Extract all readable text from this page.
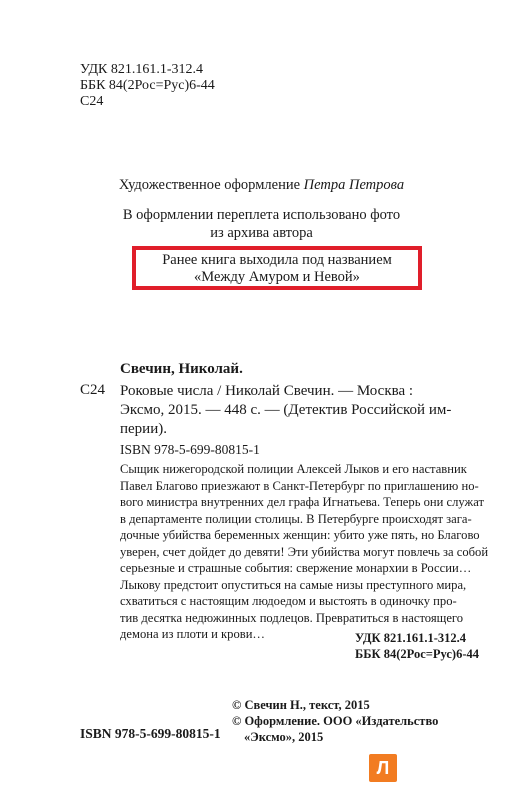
УДК 821.161.1-312.4
ББК 84(2Рос=Рус)6-44
С24
Художественное оформление Петра Петрова
В оформлении переплета использовано фото
из архива автора
Ранее книга выходила под названием
«Между Амуром и Невой»
Свечин, Николай.
С24 Роковые числа / Николай Свечин. — Москва :
Эксмо, 2015. — 448 с. — (Детектив Российской им-
перии).
ISBN 978-5-699-80815-1
Сыщик нижегородской полиции Алексей Лыков и его наставник
Павел Благово приезжают в Санкт-Петербург по приглашению но-
вого министра внутренних дел графа Игнатьева. Теперь они служат
в департаменте полиции столицы. В Петербурге происходят зага-
дочные убийства беременных женщин: убито уже пять, но Благово
уверен, счет дойдет до девяти! Эти убийства могут повлечь за собой
серьезные и страшные события: свержение монархии в России…
Лыкову предстоит опуститься на самые низы преступного мира,
схватиться с настоящим людоедом и выстоять в одиночку про-
тив десятка недюжинных подлецов. Превратиться в настоящего
демона из плоти и крови…	УДК 821.161.1-312.4
ББК 84(2Рос=Рус)6-44
© Свечин Н., текст, 2015
© Оформление. ООО «Издательство
«Эксмо», 2015
ISBN 978-5-699-80815-1
Л
